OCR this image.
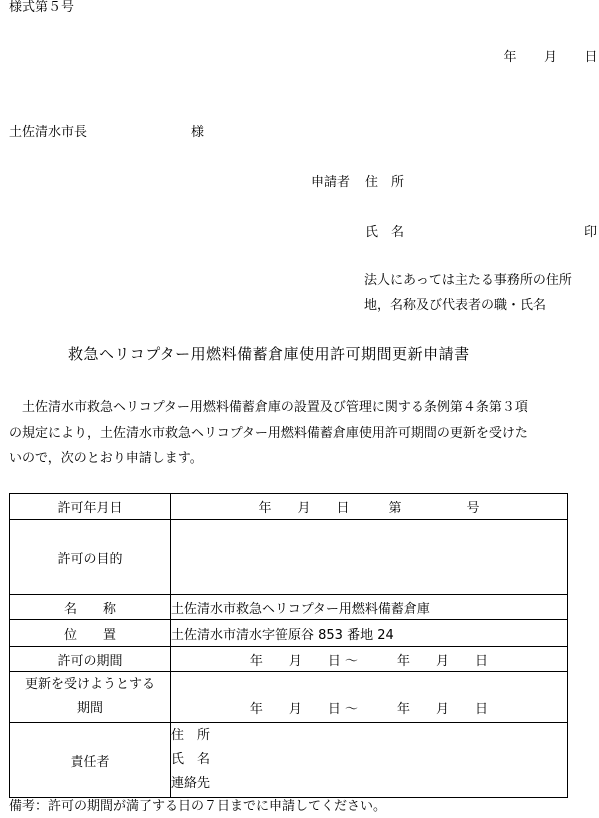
様式第５号
年　　月　　日
土佐清水市長　　　　　　　　様
申請者 住　所
氏　名	印
法人にあっては主たる事務所の住所
地，名称及び代表者の職・氏名
救急ヘリコプター用燃料備蓄倉庫使用許可期間更新申請書
　土佐清水市救急ヘリコプター用燃料備蓄倉庫の設置及び管理に関する条例第４条第３項
の規定により，土佐清水市救急ヘリコプター用燃料備蓄倉庫使用許可期間の更新を受けた
いので，次のとおり申請します。
許可年月日	年　　月　　日　　　第　　　　　号
許可の目的	
名　　称	土佐清水市救急ヘリコプター用燃料備蓄倉庫
位　　置	土佐清水市清水字笹原谷 853 番地 24
許可の期間	年　　月　　日 ～　　　年　　月　　日

更新を受けようとする
期間	年　　月　　日 ～　　　年　　月　　日

責任者	住　所
氏　名
連絡先
備考：許可の期間が満了する日の７日までに申請してください。
